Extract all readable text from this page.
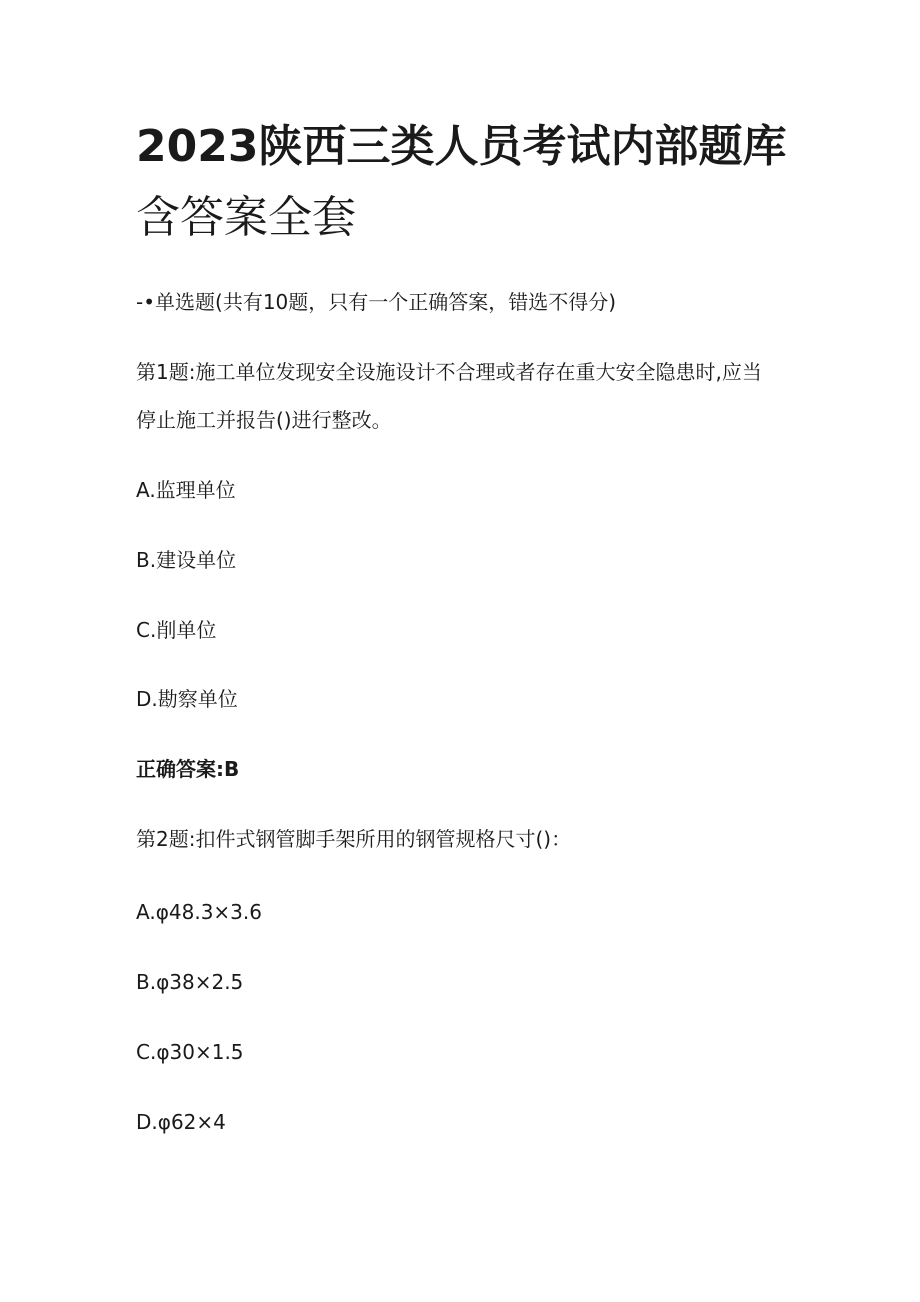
2023陕西三类人员考试内部题库
含答案全套
-•单选题(共有10题，只有一个正确答案，错选不得分)
第1题:施工单位发现安全设施设计不合理或者存在重大安全隐患时,应当
停止施工并报告()进行整改。
A.监理单位
B.建设单位
C.削单位
D.勘察单位
正确答案:B
第2题:扣件式钢管脚手架所用的钢管规格尺寸()：
A.φ48.3×3.6
B.φ38×2.5
C.φ30×1.5
D.φ62×4
